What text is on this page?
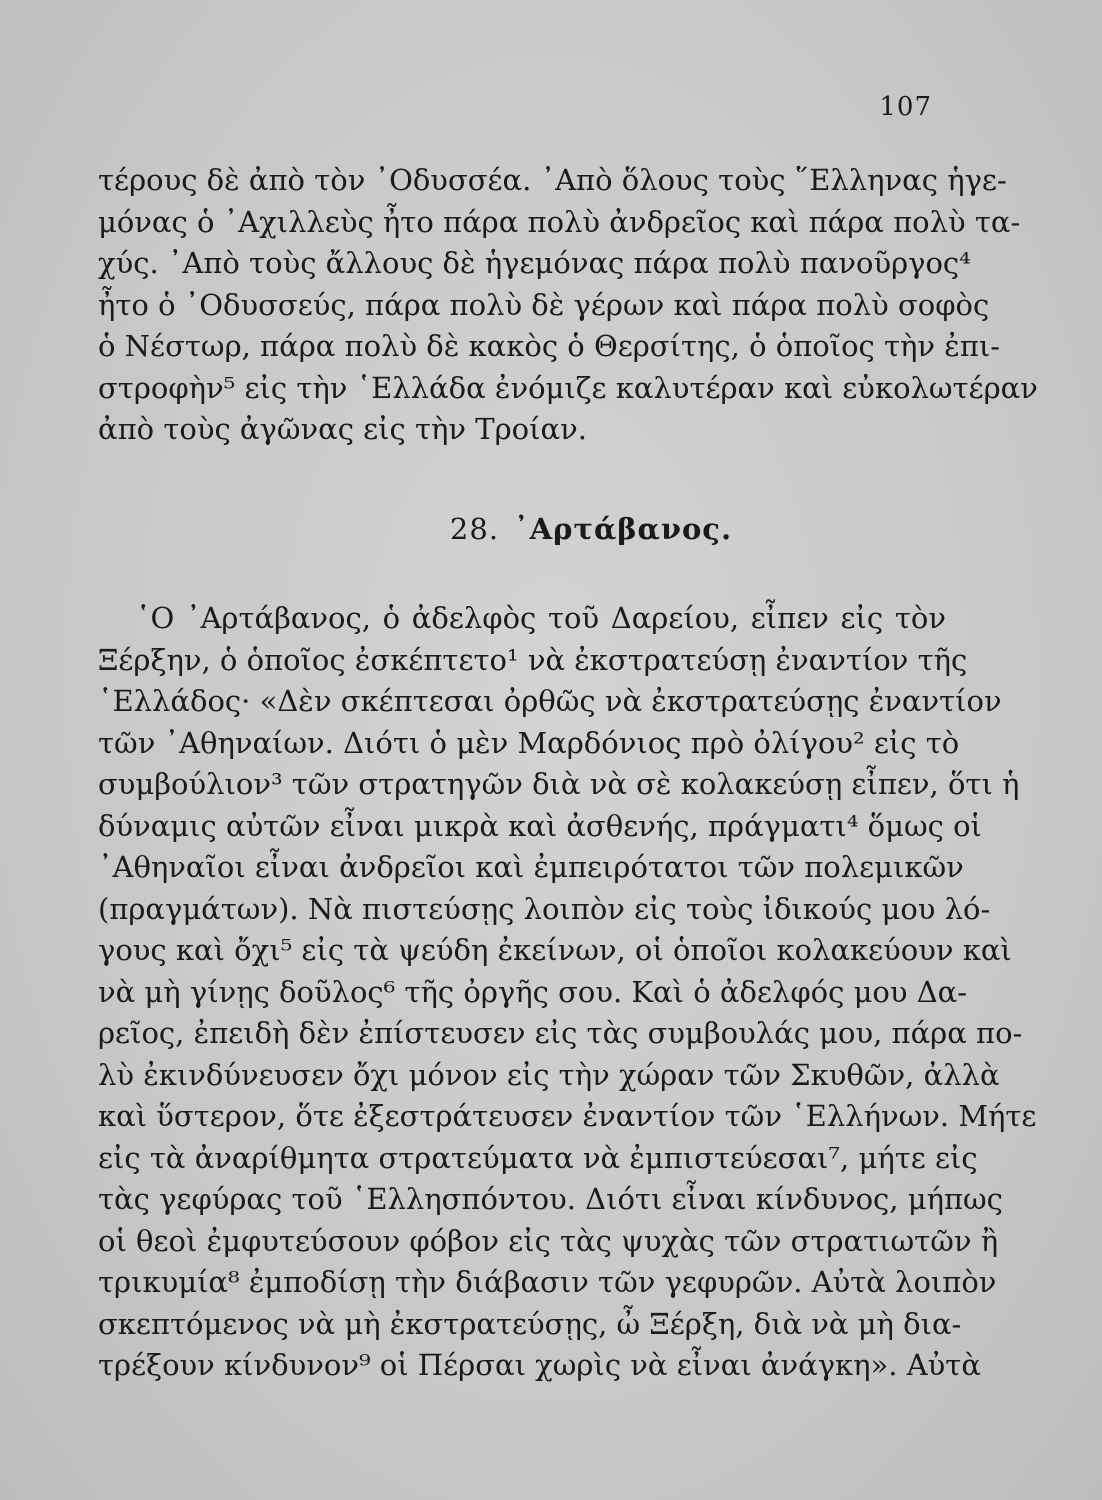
107
τέρους δὲ ἀπὸ τὸν ᾿Οδυσσέα. ᾿Απὸ ὅλους τοὺς ῞Ελληνας ἡγε-
μόνας ὁ ᾿Αχιλλεὺς ἦτο πάρα πολὺ ἀνδρεῖος καὶ πάρα πολὺ τα-
χύς. ᾿Απὸ τοὺς ἄλλους δὲ ἡγεμόνας πάρα πολὺ πανοῦργος⁴
ἦτο ὁ ᾿Οδυσσεύς, πάρα πολὺ δὲ γέρων καὶ πάρα πολὺ σοφὸς
ὁ Νέστωρ, πάρα πολὺ δὲ κακὸς ὁ Θερσίτης, ὁ ὁποῖος τὴν ἐπι-
στροφὴν⁵ εἰς τὴν ῾Ελλάδα ἐνόμιζε καλυτέραν καὶ εὐκολωτέραν
ἀπὸ τοὺς ἀγῶνας εἰς τὴν Τροίαν.
28. ᾿Αρτάβανος.
῾Ο ᾿Αρτάβανος, ὁ ἀδελφὸς τοῦ Δαρείου, εἶπεν εἰς τὸν
Ξέρξην, ὁ ὁποῖος ἐσκέπτετο¹ νὰ ἐκστρατεύσῃ ἐναντίον τῆς
῾Ελλάδος· «Δὲν σκέπτεσαι ὀρθῶς νὰ ἐκστρατεύσῃς ἐναντίον
τῶν ᾿Αθηναίων. Διότι ὁ μὲν Μαρδόνιος πρὸ ὀλίγου² εἰς τὸ
συμβούλιον³ τῶν στρατηγῶν διὰ νὰ σὲ κολακεύσῃ εἶπεν, ὅτι ἡ
δύναμις αὐτῶν εἶναι μικρὰ καὶ ἀσθενής, πράγματι⁴ ὅμως οἱ
᾿Αθηναῖοι εἶναι ἀνδρεῖοι καὶ ἐμπειρότατοι τῶν πολεμικῶν
(πραγμάτων). Νὰ πιστεύσῃς λοιπὸν εἰς τοὺς ἰδικούς μου λό-
γους καὶ ὄχι⁵ εἰς τὰ ψεύδη ἐκείνων, οἱ ὁποῖοι κολακεύουν καὶ
νὰ μὴ γίνῃς δοῦλος⁶ τῆς ὀργῆς σου. Καὶ ὁ ἀδελφός μου Δα-
ρεῖος, ἐπειδὴ δὲν ἐπίστευσεν εἰς τὰς συμβουλάς μου, πάρα πο-
λὺ ἐκινδύνευσεν ὄχι μόνον εἰς τὴν χώραν τῶν Σκυθῶν, ἀλλὰ
καὶ ὕστερον, ὅτε ἐξεστράτευσεν ἐναντίον τῶν ῾Ελλήνων. Μήτε
εἰς τὰ ἀναρίθμητα στρατεύματα νὰ ἐμπιστεύεσαι⁷, μήτε εἰς
τὰς γεφύρας τοῦ ῾Ελλησπόντου. Διότι εἶναι κίνδυνος, μήπως
οἱ θεοὶ ἐμφυτεύσουν φόβον εἰς τὰς ψυχὰς τῶν στρατιωτῶν ἢ
τρικυμία⁸ ἐμποδίσῃ τὴν διάβασιν τῶν γεφυρῶν. Αὐτὰ λοιπὸν
σκεπτόμενος νὰ μὴ ἐκστρατεύσῃς, ὦ Ξέρξη, διὰ νὰ μὴ δια-
τρέξουν κίνδυνον⁹ οἱ Πέρσαι χωρὶς νὰ εἶναι ἀνάγκη». Αὐτὰ
